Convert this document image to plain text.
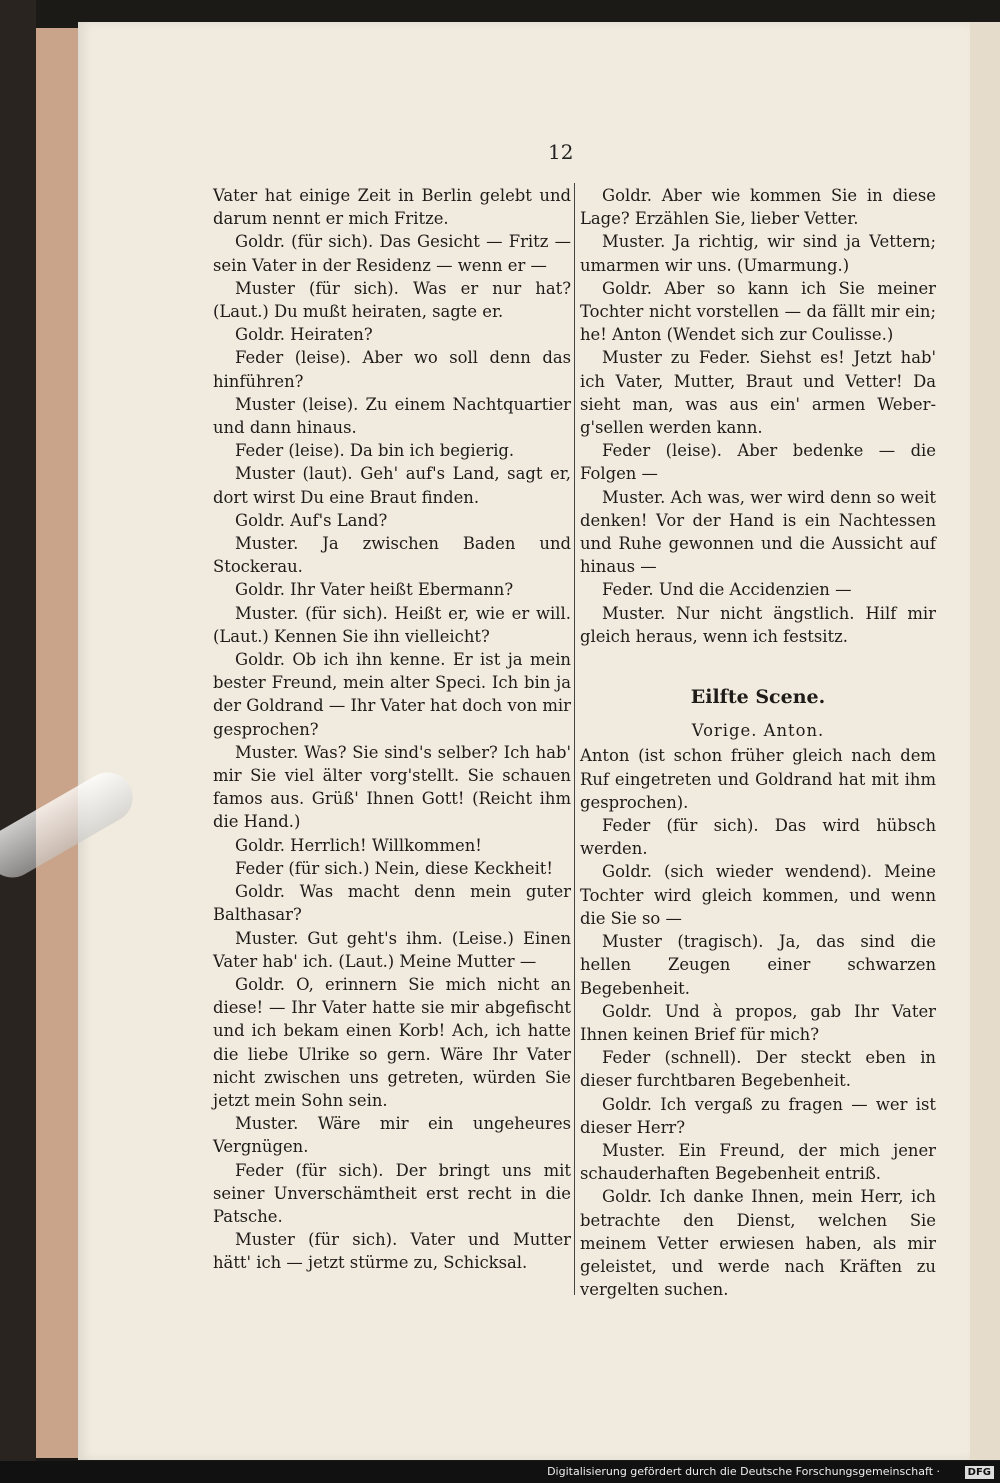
12

Vater hat einige Zeit in Berlin gelebt und darum nennt er mich Fritze.

Goldr. (für sich). Das Gesicht — Fritz — sein Vater in der Residenz — wenn er —

Muster (für sich). Was er nur hat? (Laut.) Du mußt heiraten, sagte er.

Goldr. Heiraten?

Feder (leise). Aber wo soll denn das hinführen?

Muster (leise). Zu einem Nachtquartier und dann hinaus.

Feder (leise). Da bin ich begierig.

Muster (laut). Geh' auf's Land, sagt er, dort wirst Du eine Braut finden.

Goldr. Auf's Land?

Muster. Ja zwischen Baden und Stockerau.

Goldr. Ihr Vater heißt Ebermann?

Muster. (für sich). Heißt er, wie er will. (Laut.) Kennen Sie ihn vielleicht?

Goldr. Ob ich ihn kenne. Er ist ja mein bester Freund, mein alter Speci. Ich bin ja der Goldrand — Ihr Vater hat doch von mir gesprochen?

Muster. Was? Sie sind's selber? Ich hab' mir Sie viel älter vorg'stellt. Sie schauen famos aus. Grüß' Ihnen Gott! (Reicht ihm die Hand.)

Goldr. Herrlich! Willkommen!

Feder (für sich.) Nein, diese Keckheit!

Goldr. Was macht denn mein guter Balthasar?

Muster. Gut geht's ihm. (Leise.) Einen Vater hab' ich. (Laut.) Meine Mutter —

Goldr. O, erinnern Sie mich nicht an diese! — Ihr Vater hatte sie mir abgefischt und ich bekam einen Korb! Ach, ich hatte die liebe Ulrike so gern. Wäre Ihr Vater nicht zwischen uns getreten, würden Sie jetzt mein Sohn sein.

Muster. Wäre mir ein ungeheures Vergnügen.

Feder (für sich). Der bringt uns mit seiner Unverschämtheit erst recht in die Patsche.

Muster (für sich). Vater und Mutter hätt' ich — jetzt stürme zu, Schicksal.

Goldr. Aber wie kommen Sie in diese Lage? Erzählen Sie, lieber Vetter.

Muster. Ja richtig, wir sind ja Vettern; umarmen wir uns. (Umarmung.)

Goldr. Aber so kann ich Sie meiner Tochter nicht vorstellen — da fällt mir ein; he! Anton (Wendet sich zur Coulisse.)

Muster zu Feder. Siehst es! Jetzt hab' ich Vater, Mutter, Braut und Vetter! Da sieht man, was aus ein' armen Weber-g'sellen werden kann.

Feder (leise). Aber bedenke — die Folgen —

Muster. Ach was, wer wird denn so weit denken! Vor der Hand is ein Nachtessen und Ruhe gewonnen und die Aussicht auf hinaus —

Feder. Und die Accidenzien —

Muster. Nur nicht ängstlich. Hilf mir gleich heraus, wenn ich festsitz.

Eilfte Scene.

Vorige. Anton.

Anton (ist schon früher gleich nach dem Ruf eingetreten und Goldrand hat mit ihm gesprochen).

Feder (für sich). Das wird hübsch werden.

Goldr. (sich wieder wendend). Meine Tochter wird gleich kommen, und wenn die Sie so —

Muster (tragisch). Ja, das sind die hellen Zeugen einer schwarzen Begebenheit.

Goldr. Und à propos, gab Ihr Vater Ihnen keinen Brief für mich?

Feder (schnell). Der steckt eben in dieser furchtbaren Begebenheit.

Goldr. Ich vergaß zu fragen — wer ist dieser Herr?

Muster. Ein Freund, der mich jener schauderhaften Begebenheit entriß.

Goldr. Ich danke Ihnen, mein Herr, ich betrachte den Dienst, welchen Sie meinem Vetter erwiesen haben, als mir geleistet, und werde nach Kräften zu vergelten suchen.

Digitalisierung gefördert durch die Deutsche Forschungsgemeinschaft ·	DFG
